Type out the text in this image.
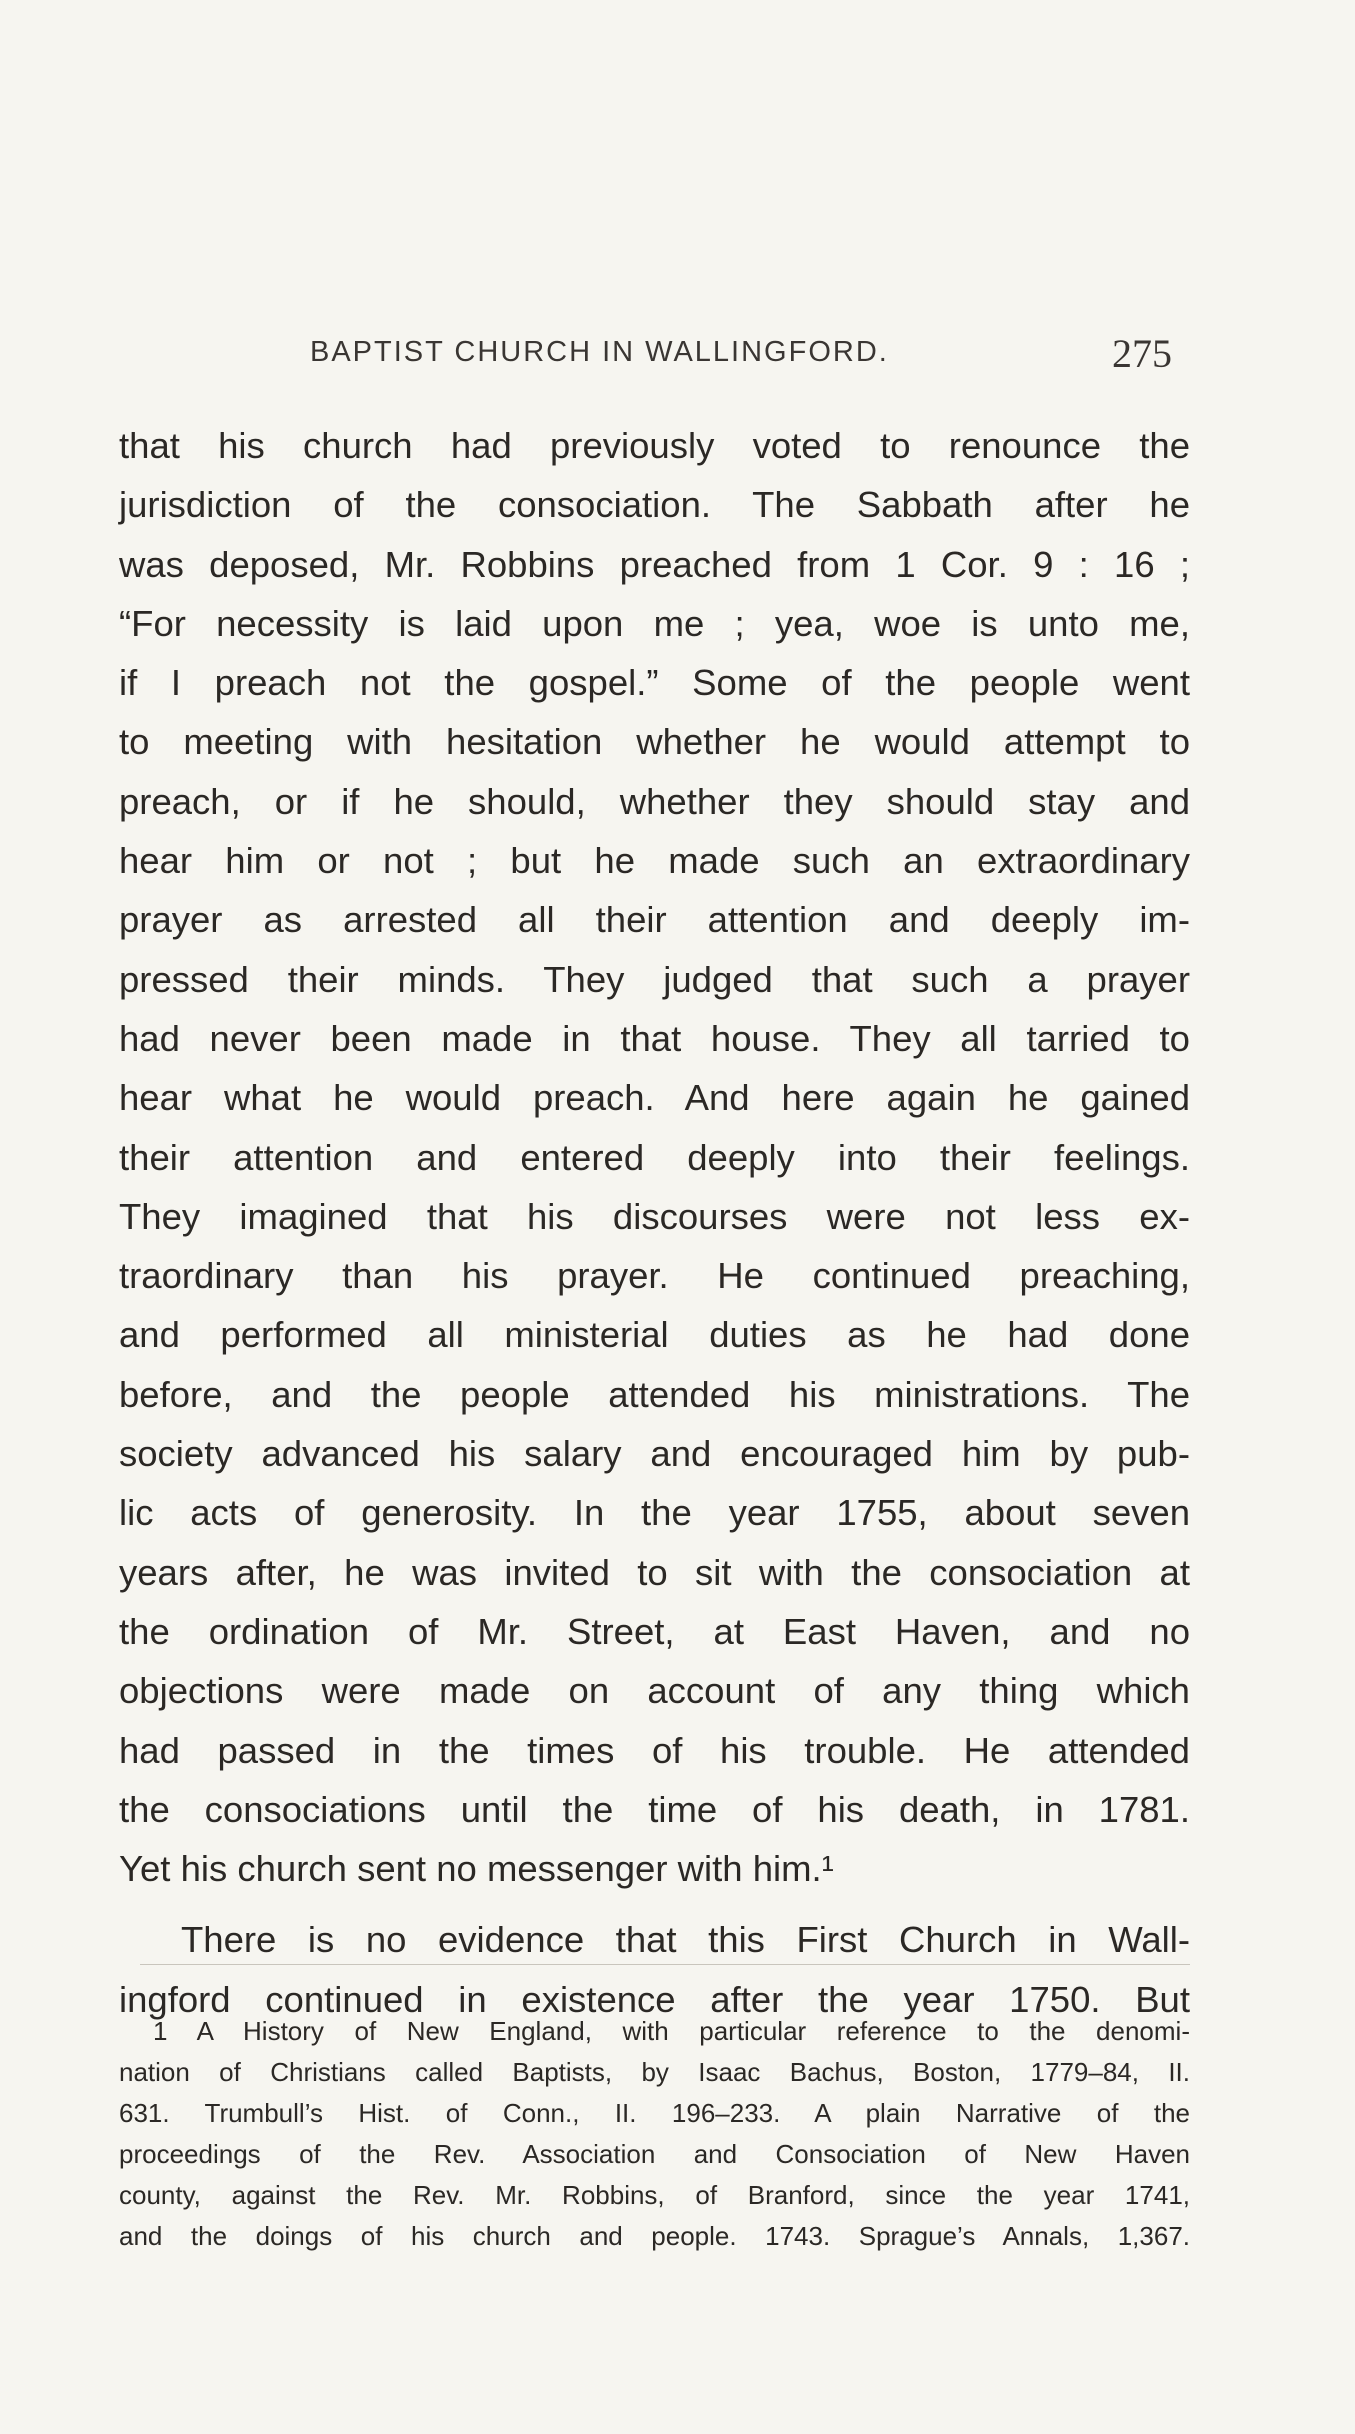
BAPTIST CHURCH IN WALLINGFORD.	275
that his church had previously voted to renounce the
jurisdiction of the consociation. The Sabbath after he
was deposed, Mr. Robbins preached from 1 Cor. 9 : 16 ;
“For necessity is laid upon me ; yea, woe is unto me,
if I preach not the gospel.” Some of the people went
to meeting with hesitation whether he would attempt to
preach, or if he should, whether they should stay and
hear him or not ; but he made such an extraordinary
prayer as arrested all their attention and deeply im-
pressed their minds. They judged that such a prayer
had never been made in that house. They all tarried to
hear what he would preach. And here again he gained
their attention and entered deeply into their feelings.
They imagined that his discourses were not less ex-
traordinary than his prayer. He continued preaching,
and performed all ministerial duties as he had done
before, and the people attended his ministrations. The
society advanced his salary and encouraged him by pub-
lic acts of generosity. In the year 1755, about seven
years after, he was invited to sit with the consociation at
the ordination of Mr. Street, at East Haven, and no
objections were made on account of any thing which
had passed in the times of his trouble. He attended
the consociations until the time of his death, in 1781.
Yet his church sent no messenger with him.¹
There is no evidence that this First Church in Wall-
ingford continued in existence after the year 1750. But
1 A History of New England, with particular reference to the denomi-
nation of Christians called Baptists, by Isaac Bachus, Boston, 1779–84, II.
631. Trumbull’s Hist. of Conn., II. 196–233. A plain Narrative of the
proceedings of the Rev. Association and Consociation of New Haven
county, against the Rev. Mr. Robbins, of Branford, since the year 1741,
and the doings of his church and people. 1743. Sprague’s Annals, 1,367.
